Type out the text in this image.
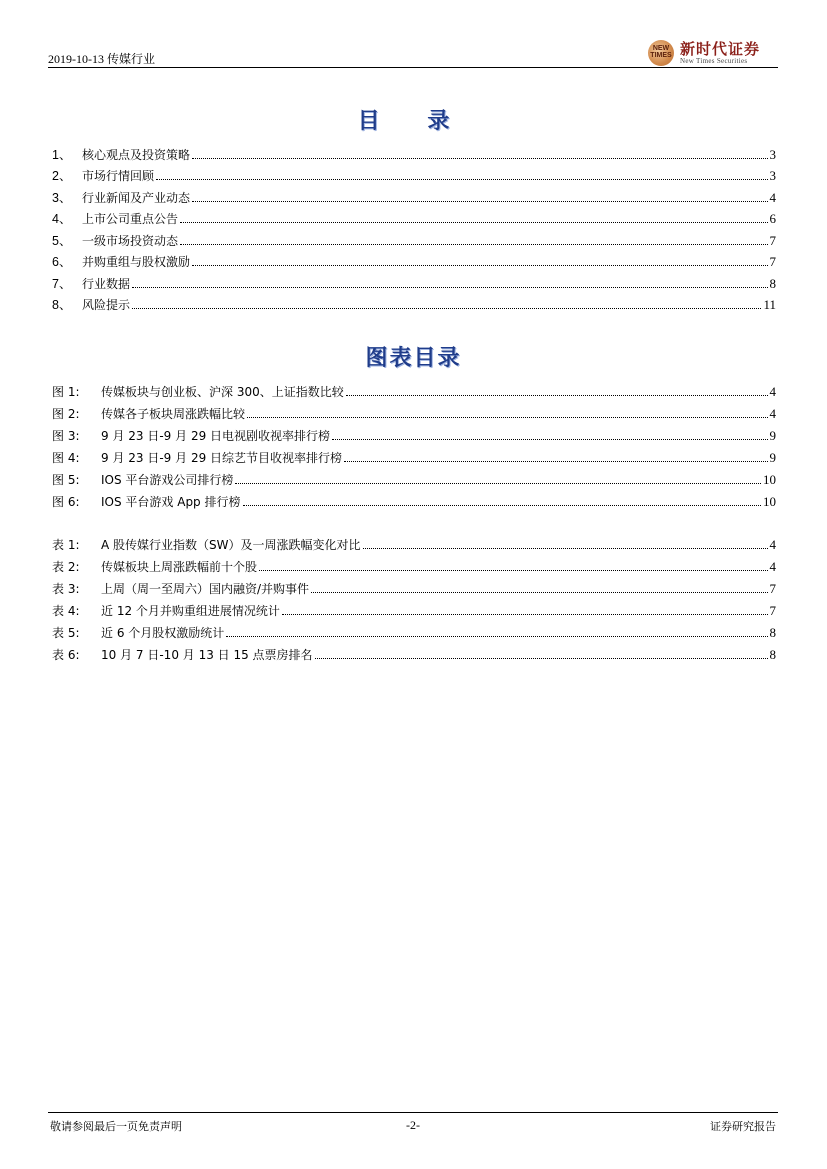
2019-10-13 传媒行业
NEW TIMES 新时代证券
New Times Securities
目 录
1、 核心观点及投资策略	3
2、 市场行情回顾	3
3、 行业新闻及产业动态	4
4、 上市公司重点公告	6
5、 一级市场投资动态	7
6、 并购重组与股权激励	7
7、 行业数据	8
8、 风险提示	11
图表目录
图 1:	传媒板块与创业板、沪深 300、上证指数比较	4
图 2:	传媒各子板块周涨跌幅比较	4
图 3:	9 月 23 日-9 月 29 日电视剧收视率排行榜	9
图 4:	9 月 23 日-9 月 29 日综艺节目收视率排行榜	9
图 5:	IOS 平台游戏公司排行榜	10
图 6:	IOS 平台游戏 App 排行榜	10
表 1:	A 股传媒行业指数（SW）及一周涨跌幅变化对比	4
表 2:	传媒板块上周涨跌幅前十个股	4
表 3:	上周（周一至周六）国内融资/并购事件	7
表 4:	近 12 个月并购重组进展情况统计	7
表 5:	近 6 个月股权激励统计	8
表 6:	10 月 7 日-10 月 13 日 15 点票房排名	8
敬请参阅最后一页免责声明	-2-	证券研究报告
